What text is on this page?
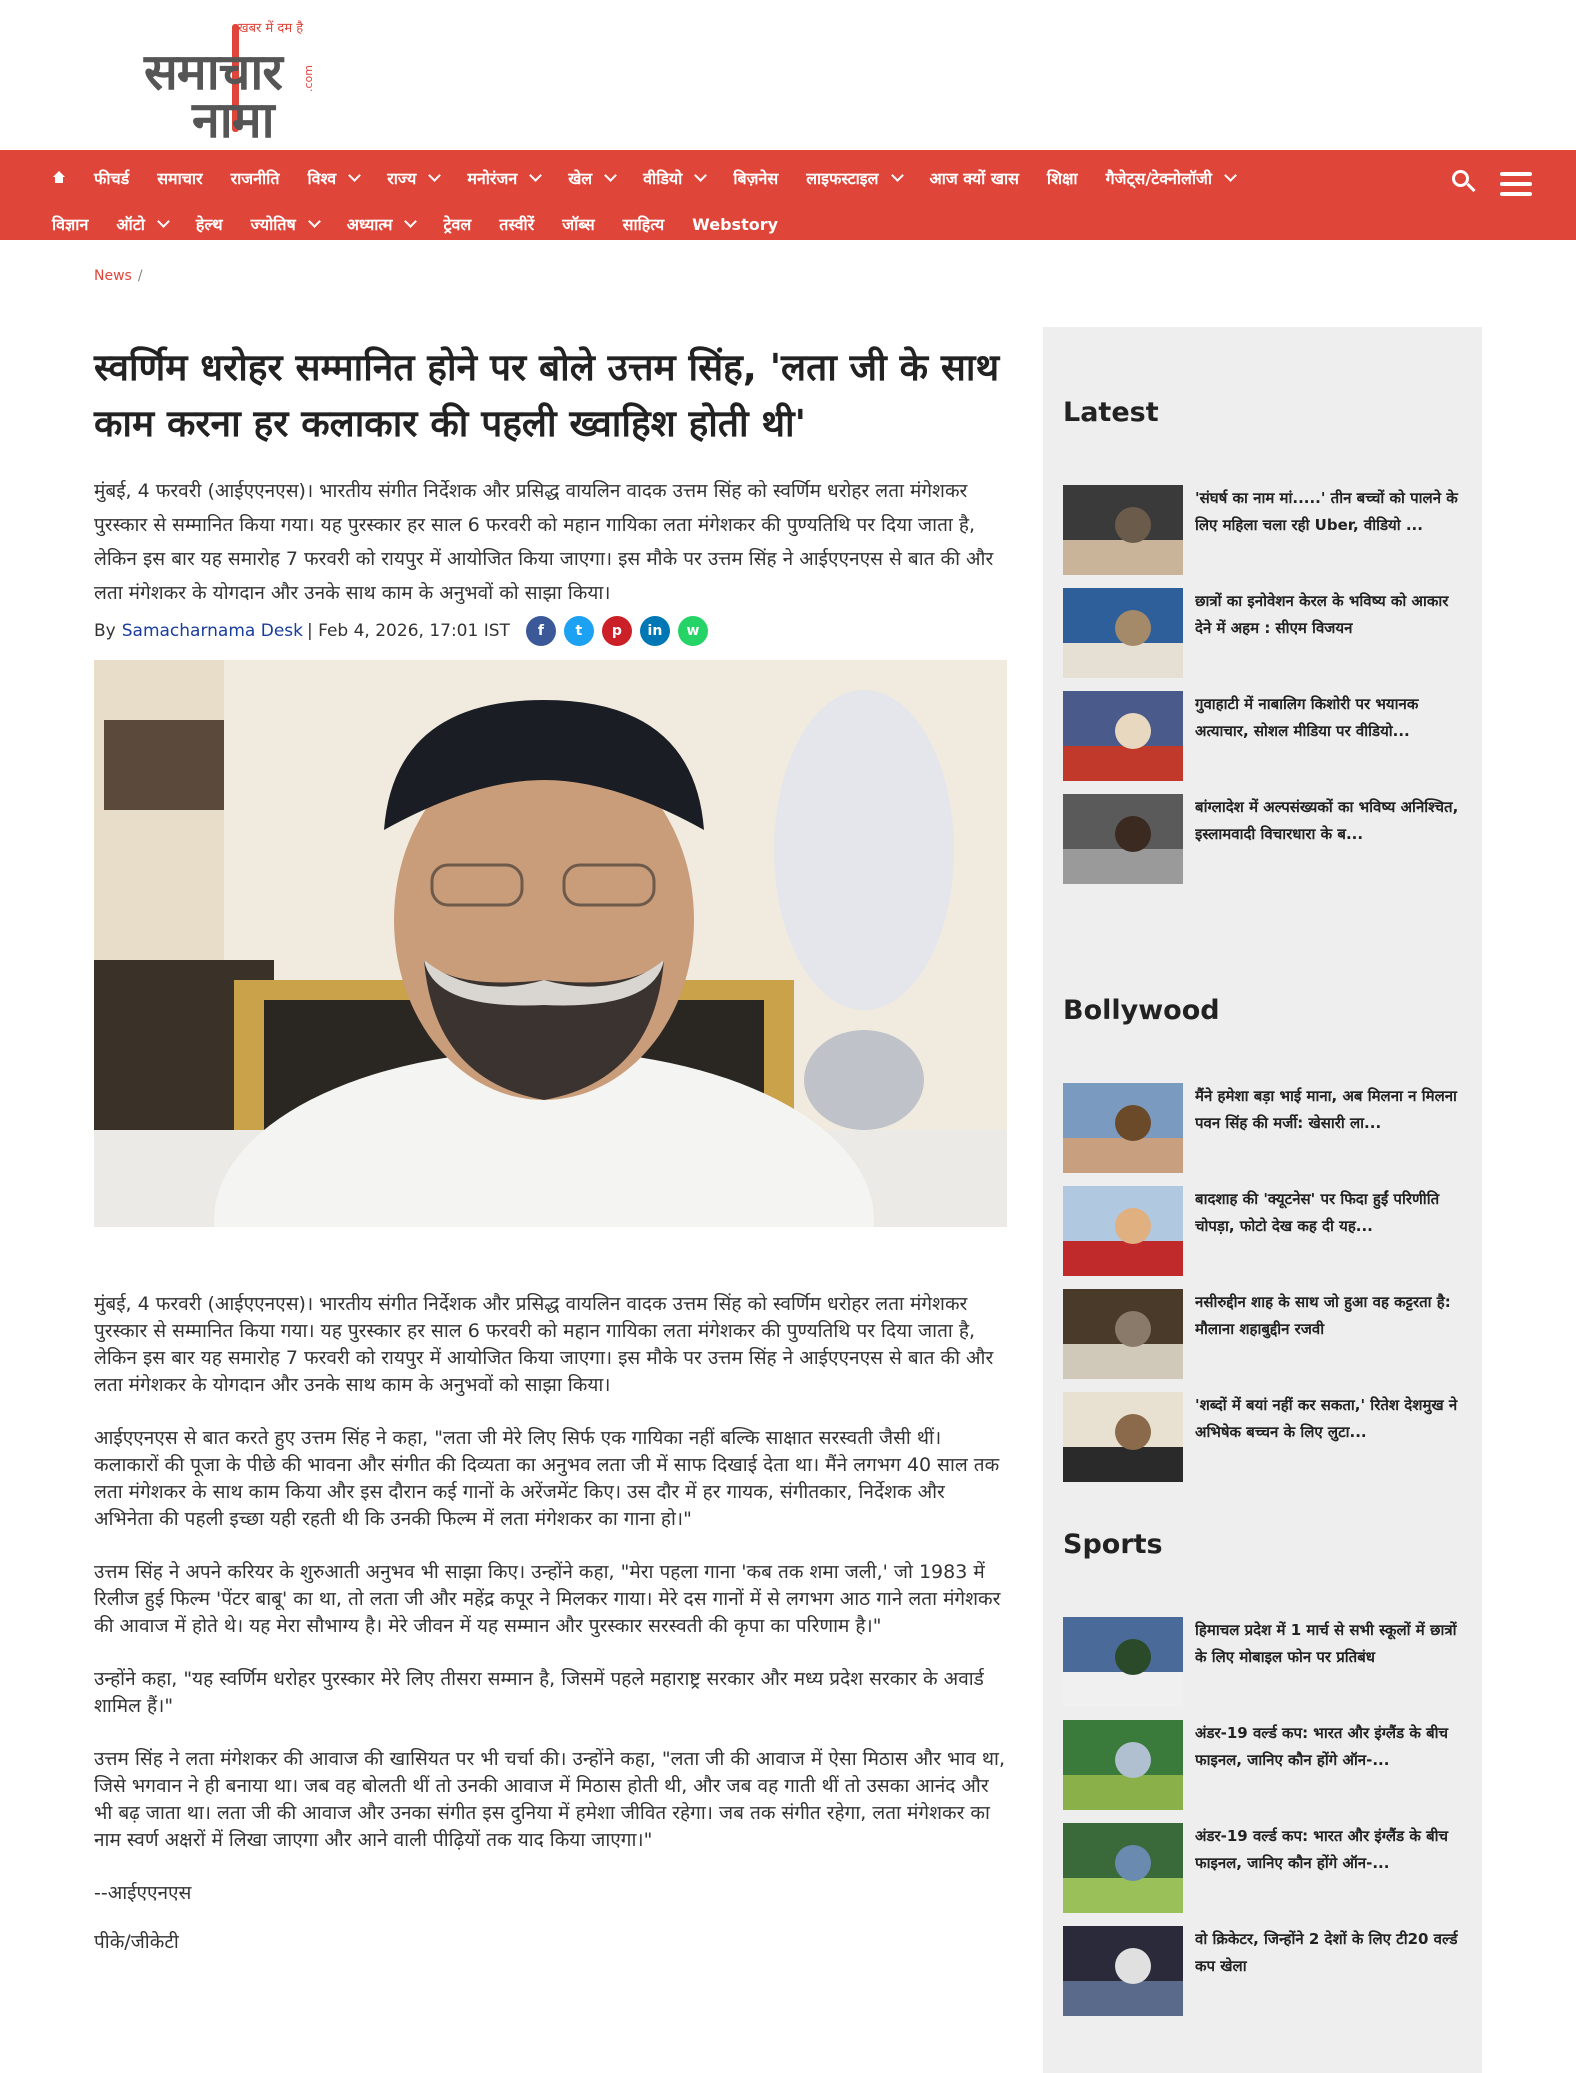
खबर में दम है
समाचार
नामा
.com
फीचर्ड समाचार राजनीति विश्व	राज्य	मनोरंजन	खेल	वीडियो	बिज़नेस लाइफस्टाइल	आज क्यों खास शिक्षा गैजेट्स/टेक्नोलॉजी
विज्ञान ऑटो	हेल्थ ज्योतिष	अध्यात्म	ट्रेवल तस्वीरें जॉब्स साहित्य Webstory
News /
स्वर्णिम धरोहर सम्मानित होने पर बोले उत्तम सिंह, 'लता जी के साथ काम करना हर कलाकार की पहली ख्वाहिश होती थी'

मुंबई, 4 फरवरी (आईएएनएस)। भारतीय संगीत निर्देशक और प्रसिद्ध वायलिन वादक उत्तम सिंह को स्वर्णिम धरोहर लता मंगेशकर पुरस्कार से सम्मानित किया गया। यह पुरस्कार हर साल 6 फरवरी को महान गायिका लता मंगेशकर की पुण्यतिथि पर दिया जाता है, लेकिन इस बार यह समारोह 7 फरवरी को रायपुर में आयोजित किया जाएगा। इस मौके पर उत्तम सिंह ने आईएएनएस से बात की और लता मंगेशकर के योगदान और उनके साथ काम के अनुभवों को साझा किया।

By Samacharnama Desk | Feb 4, 2026, 17:01 IST	f	t	p	in	w

मुंबई, 4 फरवरी (आईएएनएस)। भारतीय संगीत निर्देशक और प्रसिद्ध वायलिन वादक उत्तम सिंह को स्वर्णिम धरोहर लता मंगेशकर पुरस्कार से सम्मानित किया गया। यह पुरस्कार हर साल 6 फरवरी को महान गायिका लता मंगेशकर की पुण्यतिथि पर दिया जाता है, लेकिन इस बार यह समारोह 7 फरवरी को रायपुर में आयोजित किया जाएगा। इस मौके पर उत्तम सिंह ने आईएएनएस से बात की और लता मंगेशकर के योगदान और उनके साथ काम के अनुभवों को साझा किया।

आईएएनएस से बात करते हुए उत्तम सिंह ने कहा, "लता जी मेरे लिए सिर्फ एक गायिका नहीं बल्कि साक्षात सरस्वती जैसी थीं। कलाकारों की पूजा के पीछे की भावना और संगीत की दिव्यता का अनुभव लता जी में साफ दिखाई देता था। मैंने लगभग 40 साल तक लता मंगेशकर के साथ काम किया और इस दौरान कई गानों के अरेंजमेंट किए। उस दौर में हर गायक, संगीतकार, निर्देशक और अभिनेता की पहली इच्छा यही रहती थी कि उनकी फिल्म में लता मंगेशकर का गाना हो।"

उत्तम सिंह ने अपने करियर के शुरुआती अनुभव भी साझा किए। उन्होंने कहा, "मेरा पहला गाना 'कब तक शमा जली,' जो 1983 में रिलीज हुई फिल्म 'पेंटर बाबू' का था, तो लता जी और महेंद्र कपूर ने मिलकर गाया। मेरे दस गानों में से लगभग आठ गाने लता मंगेशकर की आवाज में होते थे। यह मेरा सौभाग्य है। मेरे जीवन में यह सम्मान और पुरस्कार सरस्वती की कृपा का परिणाम है।"

उन्होंने कहा, "यह स्वर्णिम धरोहर पुरस्कार मेरे लिए तीसरा सम्मान है, जिसमें पहले महाराष्ट्र सरकार और मध्य प्रदेश सरकार के अवार्ड शामिल हैं।"

उत्तम सिंह ने लता मंगेशकर की आवाज की खासियत पर भी चर्चा की। उन्होंने कहा, "लता जी की आवाज में ऐसा मिठास और भाव था, जिसे भगवान ने ही बनाया था। जब वह बोलती थीं तो उनकी आवाज में मिठास होती थी, और जब वह गाती थीं तो उसका आनंद और भी बढ़ जाता था। लता जी की आवाज और उनका संगीत इस दुनिया में हमेशा जीवित रहेगा। जब तक संगीत रहेगा, लता मंगेशकर का नाम स्वर्ण अक्षरों में लिखा जाएगा और आने वाली पीढ़ियों तक याद किया जाएगा।"

--आईएएनएस

पीके/जीकेटी

Latest
'संघर्ष का नाम मां.....' तीन बच्चों को पालने के लिए महिला चला रही Uber, वीडियो ...
छात्रों का इनोवेशन केरल के भविष्य को आकार देने में अहम : सीएम विजयन
गुवाहाटी में नाबालिग किशोरी पर भयानक अत्याचार, सोशल मीडिया पर वीडियो...
बांग्लादेश में अल्पसंख्यकों का भविष्य अनिश्चित, इस्लामवादी विचारधारा के ब...
Bollywood
मैंने हमेशा बड़ा भाई माना, अब मिलना न मिलना पवन सिंह की मर्जी: खेसारी ला...
बादशाह की 'क्यूटनेस' पर फिदा हुईं परिणीति चोपड़ा, फोटो देख कह दी यह...
नसीरुद्दीन शाह के साथ जो हुआ वह कट्टरता है: मौलाना शहाबुद्दीन रजवी
'शब्दों में बयां नहीं कर सकता,' रितेश देशमुख ने अभिषेक बच्चन के लिए लुटा...
Sports
हिमाचल प्रदेश में 1 मार्च से सभी स्कूलों में छात्रों के लिए मोबाइल फोन पर प्रतिबंध
अंडर-19 वर्ल्ड कप: भारत और इंग्लैंड के बीच फाइनल, जानिए कौन होंगे ऑन-...
अंडर-19 वर्ल्ड कप: भारत और इंग्लैंड के बीच फाइनल, जानिए कौन होंगे ऑन-...
वो क्रिकेटर, जिन्होंने 2 देशों के लिए टी20 वर्ल्ड कप खेला
